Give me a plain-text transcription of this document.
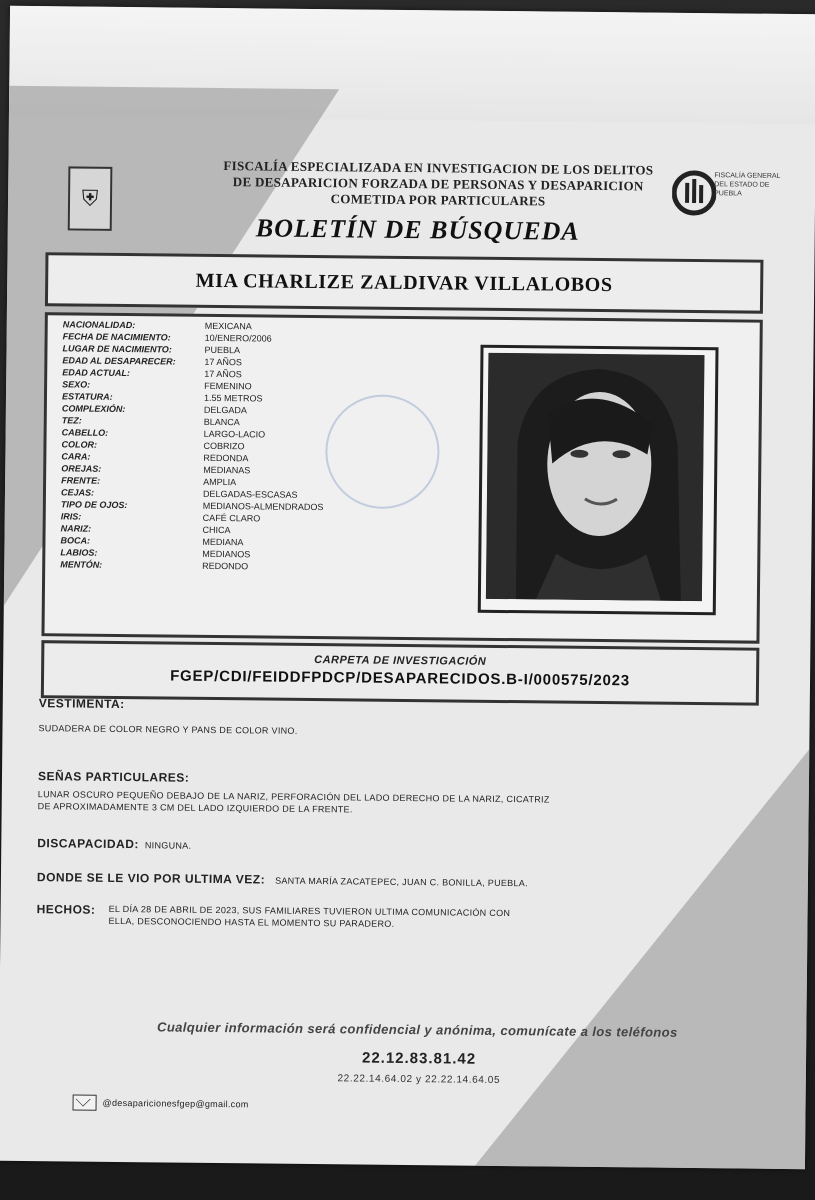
⛨
FISCALÍA ESPECIALIZADA EN INVESTIGACION DE LOS DELITOS
DE DESAPARICION FORZADA DE PERSONAS Y DESAPARICION
COMETIDA POR PARTICULARES
FISCALÍA GENERAL DEL ESTADO DE PUEBLA
BOLETÍN DE BÚSQUEDA
MIA CHARLIZE ZALDIVAR VILLALOBOS
NACIONALIDAD:
FECHA DE NACIMIENTO:
LUGAR DE NACIMIENTO:
EDAD AL DESAPARECER:
EDAD ACTUAL:
SEXO:
ESTATURA:
COMPLEXIÓN:
TEZ:
CABELLO:
COLOR:
CARA:
OREJAS:
FRENTE:
CEJAS:
TIPO DE OJOS:
IRIS:
NARIZ:
BOCA:
LABIOS:
MENTÓN:
MEXICANA
10/ENERO/2006
PUEBLA
17 AÑOS
17 AÑOS
FEMENINO
1.55 METROS
DELGADA
BLANCA
LARGO-LACIO
COBRIZO
REDONDA
MEDIANAS
AMPLIA
DELGADAS-ESCASAS
MEDIANOS-ALMENDRADOS
CAFÉ CLARO
CHICA
MEDIANA
MEDIANOS
REDONDO
CARPETA DE INVESTIGACIÓN
FGEP/CDI/FEIDDFPDCP/DESAPARECIDOS.B-I/000575/2023
VESTIMENTA:
SUDADERA DE COLOR NEGRO Y PANS DE COLOR VINO.
SEÑAS PARTICULARES:
LUNAR OSCURO PEQUEÑO DEBAJO DE LA NARIZ, PERFORACIÓN DEL LADO DERECHO DE LA NARIZ, CICATRIZ
DE APROXIMADAMENTE 3 CM DEL LADO IZQUIERDO DE LA FRENTE.
DISCAPACIDAD: NINGUNA.
DONDE SE LE VIO POR ULTIMA VEZ: SANTA MARÍA ZACATEPEC, JUAN C. BONILLA, PUEBLA.
HECHOS: EL DÍA 28 DE ABRIL DE 2023, SUS FAMILIARES TUVIERON ULTIMA COMUNICACIÓN CON
ELLA, DESCONOCIENDO HASTA EL MOMENTO SU PARADERO.
Cualquier información será confidencial y anónima, comunícate a los teléfonos
22.12.83.81.42
22.22.14.64.02 y 22.22.14.64.05
@desaparicionesfgep@gmail.com
